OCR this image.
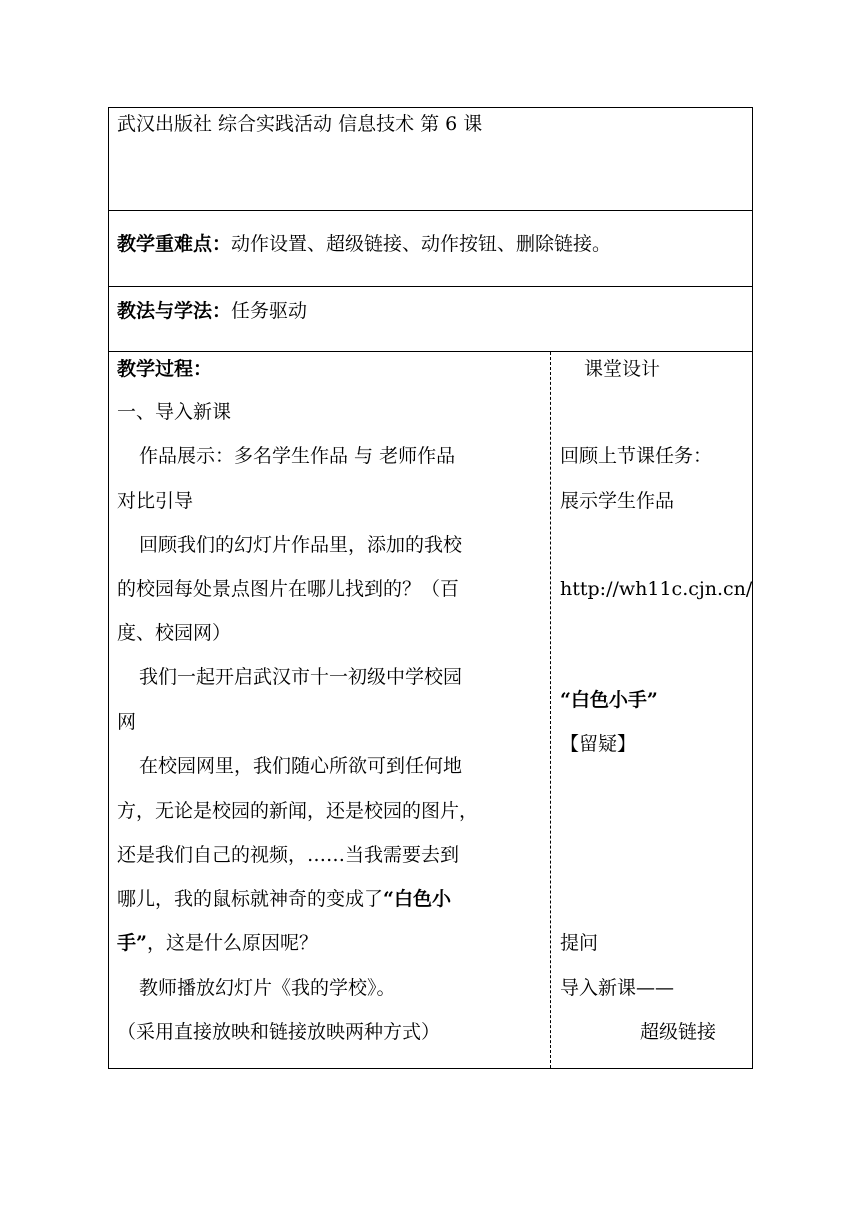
武汉出版社 综合实践活动 信息技术 第 6 课
教学重难点：动作设置、超级链接、动作按钮、删除链接。
教法与学法：任务驱动
教学过程：
一、导入新课
作品展示：多名学生作品 与 老师作品
对比引导
回顾我们的幻灯片作品里，添加的我校
的校园每处景点图片在哪儿找到的？（百
度、校园网）
我们一起开启武汉市十一初级中学校园
网
在校园网里，我们随心所欲可到任何地
方，无论是校园的新闻，还是校园的图片，
还是我们自己的视频，……当我需要去到
哪儿，我的鼠标就神奇的变成了“白色小
手”，这是什么原因呢？
教师播放幻灯片《我的学校》。
（采用直接放映和链接放映两种方式）
课堂设计
回顾上节课任务：
展示学生作品
http://wh11c.cjn.cn/
“白色小手”
【留疑】
提问
导入新课——
超级链接
